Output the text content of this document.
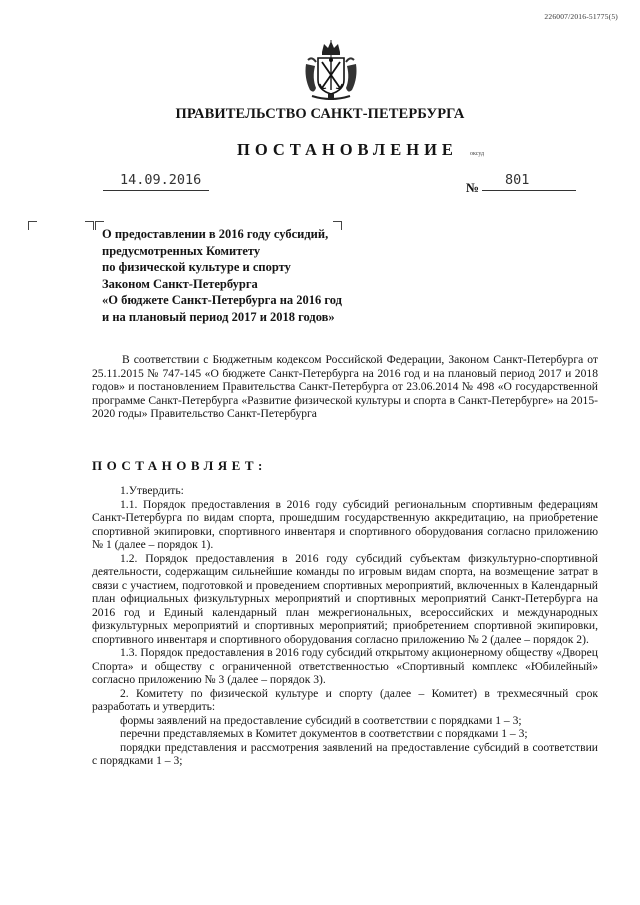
226007/2016-51775(5)
ПРАВИТЕЛЬСТВО САНКТ-ПЕТЕРБУРГА
ПОСТАНОВЛЕНИЕ оксуд
14.09.2016	№ 801
О предоставлении в 2016 году субсидий,
предусмотренных Комитету
по физической культуре и спорту
Законом Санкт-Петербурга
«О бюджете Санкт-Петербурга на 2016 год
и на плановый период 2017 и 2018 годов»

В соответствии с Бюджетным кодексом Российской Федерации, Законом Санкт-Петербурга от 25.11.2015 № 747-145 «О бюджете Санкт-Петербурга на 2016 год и на плановый период 2017 и 2018 годов» и постановлением Правительства Санкт-Петербурга от 23.06.2014 № 498 «О государственной программе Санкт-Петербурга «Развитие физической культуры и спорта в Санкт-Петербурге» на 2015-2020 годы» Правительство Санкт-Петербурга

ПОСТАНОВЛЯЕТ:

1.Утвердить:

1.1. Порядок предоставления в 2016 году субсидий региональным спортивным федерациям Санкт-Петербурга по видам спорта, прошедшим государственную аккредитацию, на приобретение спортивной экипировки, спортивного инвентаря и спортивного оборудования согласно приложению № 1 (далее – порядок 1).

1.2. Порядок предоставления в 2016 году субсидий субъектам физкультурно-спортивной деятельности, содержащим сильнейшие команды по игровым видам спорта, на возмещение затрат в связи с участием, подготовкой и проведением спортивных мероприятий, включенных в Календарный план официальных физкультурных мероприятий и спортивных мероприятий Санкт-Петербурга на 2016 год и Единый календарный план межрегиональных, всероссийских и международных физкультурных мероприятий и спортивных мероприятий; приобретением спортивной экипировки, спортивного инвентаря и спортивного оборудования согласно приложению № 2 (далее – порядок 2).

1.3. Порядок предоставления в 2016 году субсидий открытому акционерному обществу «Дворец Спорта» и обществу с ограниченной ответственностью «Спортивный комплекс «Юбилейный» согласно приложению № 3 (далее – порядок 3).

2. Комитету по физической культуре и спорту (далее – Комитет) в трехмесячный срок разработать и утвердить:

формы заявлений на предоставление субсидий в соответствии с порядками 1 – 3;

перечни представляемых в Комитет документов в соответствии с порядками 1 – 3;

порядки представления и рассмотрения заявлений на предоставление субсидий в соответствии с порядками 1 – 3;
